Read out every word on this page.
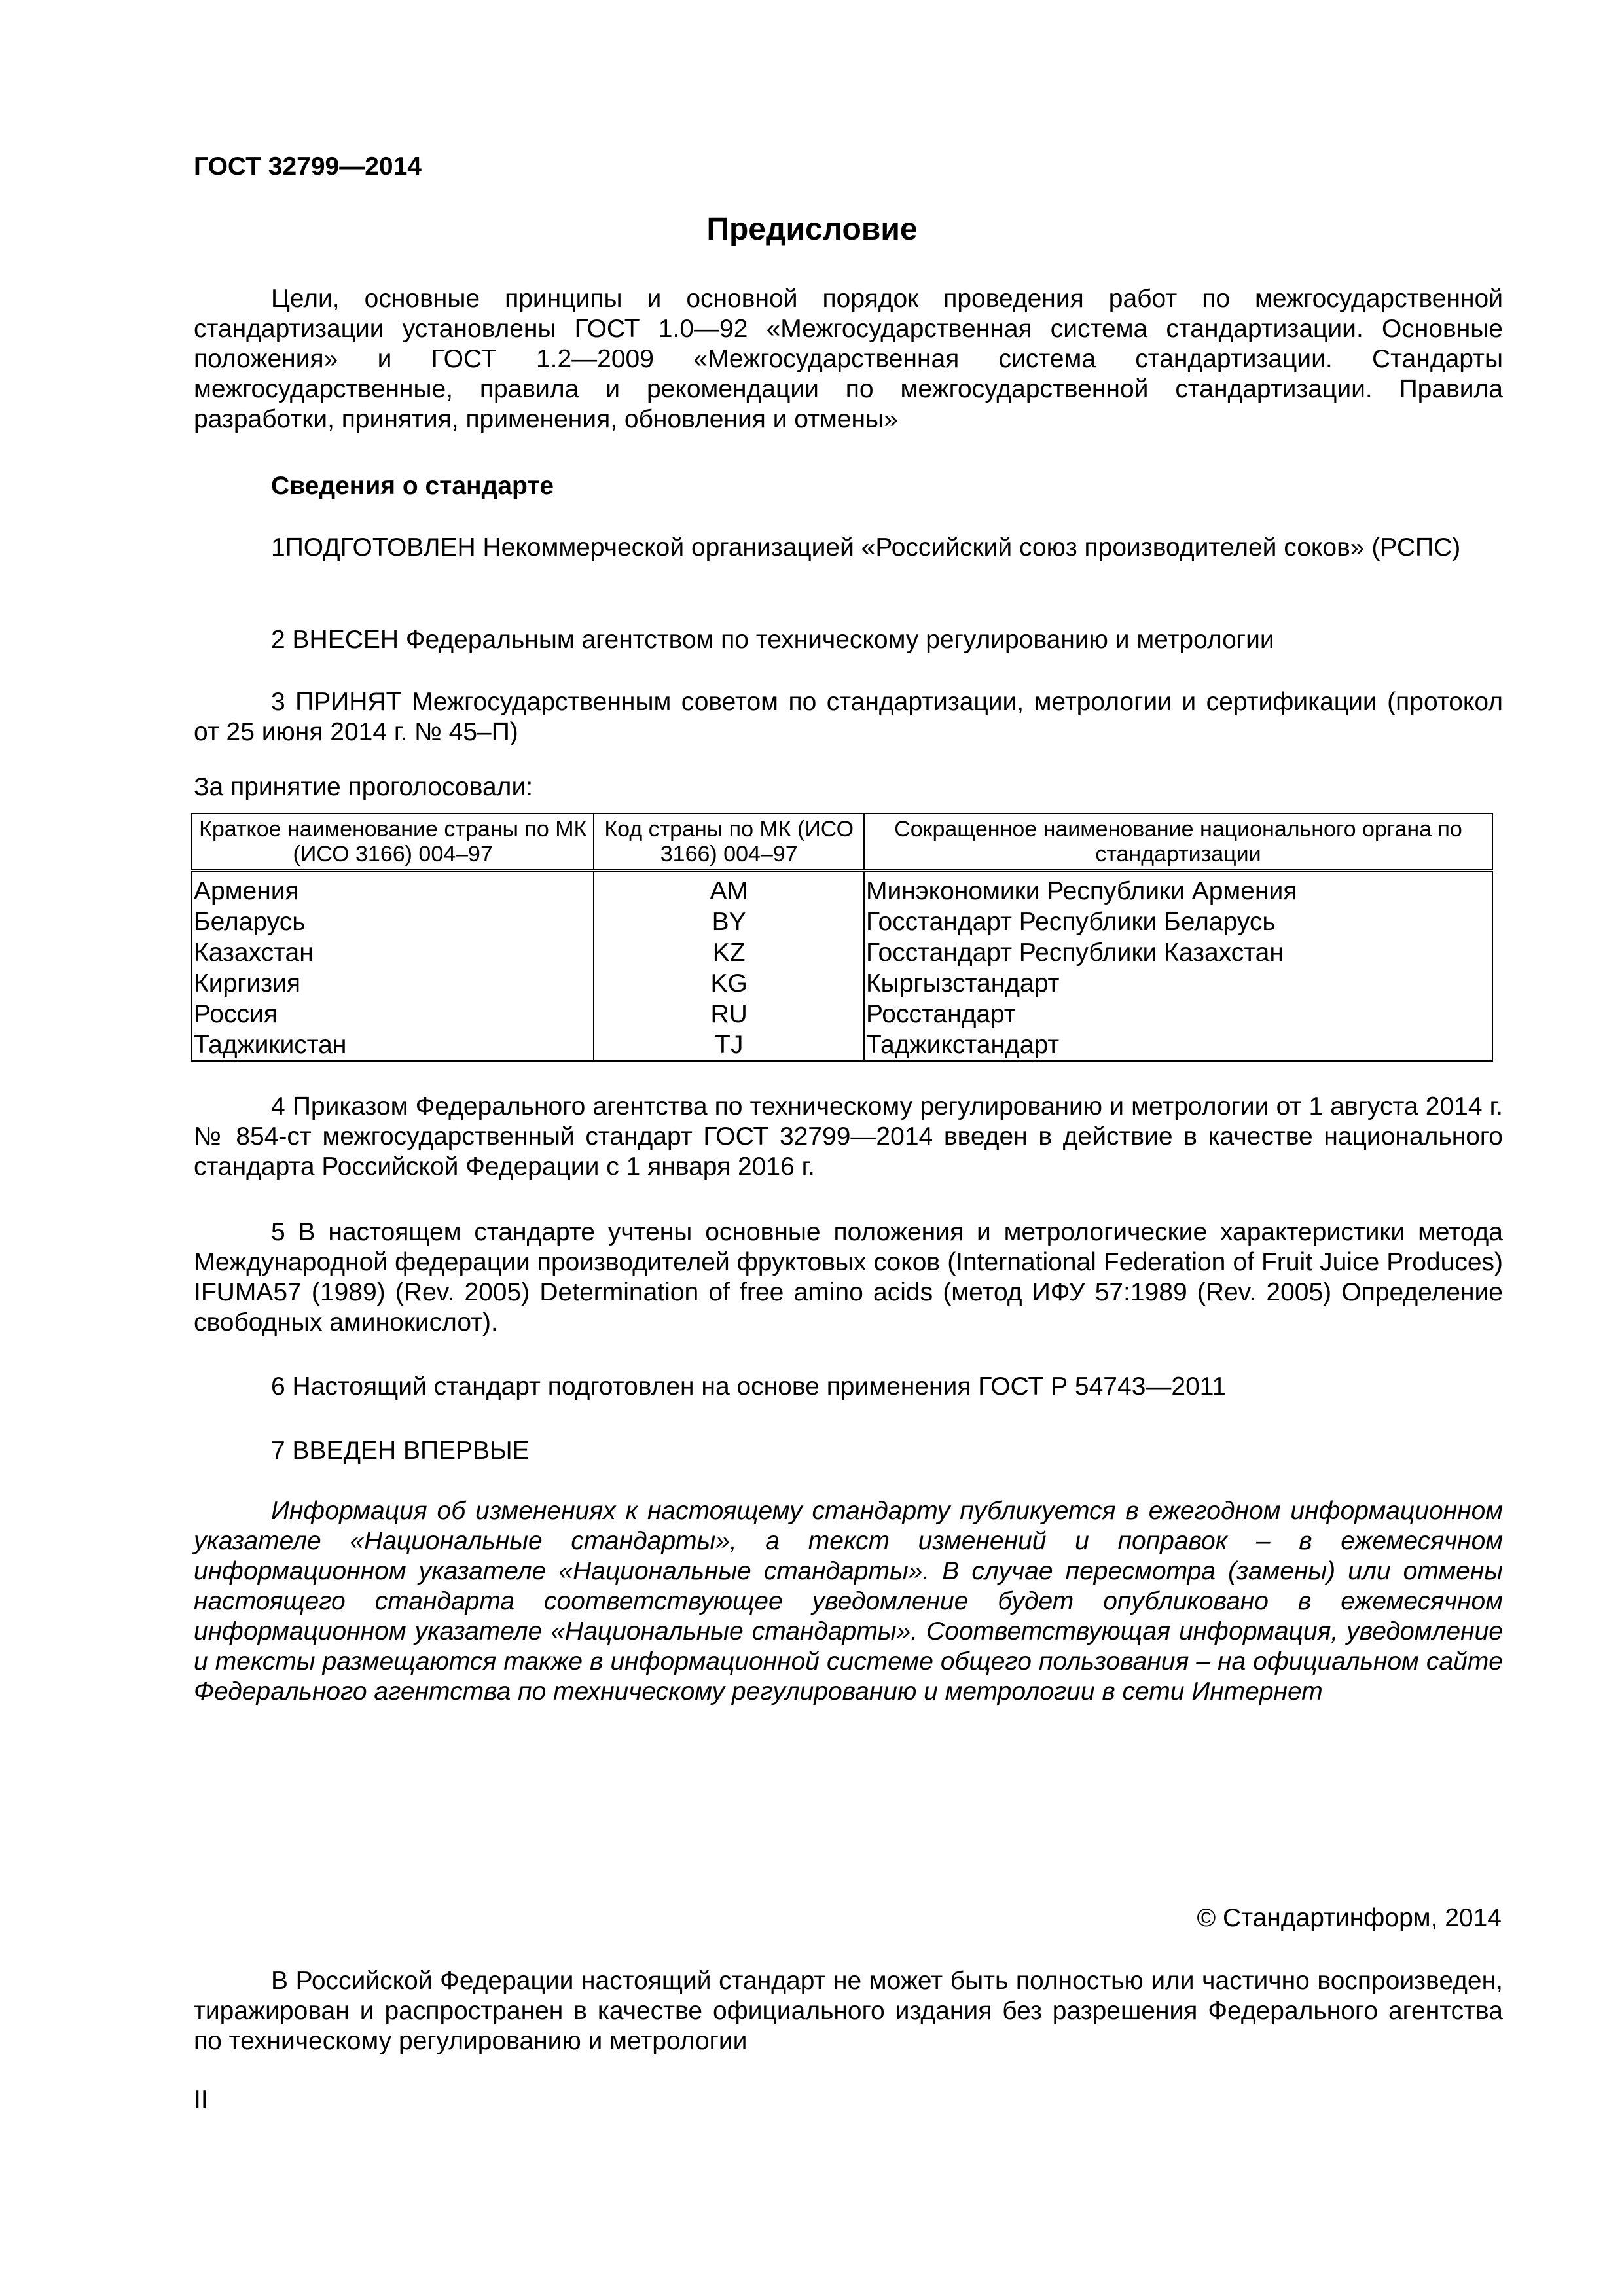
ГОСТ 32799—2014
Предисловие
Цели, основные принципы и основной порядок проведения работ по межгосударственной стандартизации установлены ГОСТ 1.0—92 «Межгосударственная система стандартизации. Основные положения» и ГОСТ 1.2—2009 «Межгосударственная система стандартизации. Стандарты межгосударственные, правила и рекомендации по межгосударственной стандартизации. Правила разработки, принятия, применения, обновления и отмены»
Сведения о стандарте
1ПОДГОТОВЛЕН Некоммерческой организацией «Российский союз производителей соков» (РСПС)
2 ВНЕСЕН Федеральным агентством по техническому регулированию и метрологии
3 ПРИНЯТ Межгосударственным советом по стандартизации, метрологии и сертификации (протокол от 25 июня 2014 г. № 45–П)
За принятие проголосовали:
Краткое наименование страны по МК (ИСО 3166) 004–97	Код страны по МК (ИСО 3166) 004–97	Сокращенное наименование национального органа по стандартизации
Армения	AM	Минэкономики Республики Армения
Беларусь	BY	Госстандарт Республики Беларусь
Казахстан	KZ	Госстандарт Республики Казахстан
Киргизия	KG	Кыргызстандарт
Россия	RU	Росстандарт
Таджикистан	TJ	Таджикстандарт
4 Приказом Федерального агентства по техническому регулированию и метрологии от 1 августа 2014 г. № 854-ст межгосударственный стандарт ГОСТ 32799—2014 введен в действие в качестве национального стандарта Российской Федерации с 1 января 2016 г.
5 В настоящем стандарте учтены основные положения и метрологические характеристики метода Международной федерации производителей фруктовых соков (International Federation of Fruit Juice Produces) IFUMA57 (1989) (Rev. 2005) Determination of free amino acids (метод ИФУ 57:1989 (Rev. 2005) Определение свободных аминокислот).
6 Настоящий стандарт подготовлен на основе применения ГОСТ Р 54743—2011
7 ВВЕДЕН ВПЕРВЫЕ
Информация об изменениях к настоящему стандарту публикуется в ежегодном информационном указателе «Национальные стандарты», а текст изменений и поправок – в ежемесячном информационном указателе «Национальные стандарты». В случае пересмотра (замены) или отмены настоящего стандарта соответствующее уведомление будет опубликовано в ежемесячном информационном указателе «Национальные стандарты». Соответствующая информация, уведомление и тексты размещаются также в информационной системе общего пользования – на официальном сайте Федерального агентства по техническому регулированию и метрологии в сети Интернет
© Стандартинформ, 2014
В Российской Федерации настоящий стандарт не может быть полностью или частично воспроизведен, тиражирован и распространен в качестве официального издания без разрешения Федерального агентства по техническому регулированию и метрологии
II
